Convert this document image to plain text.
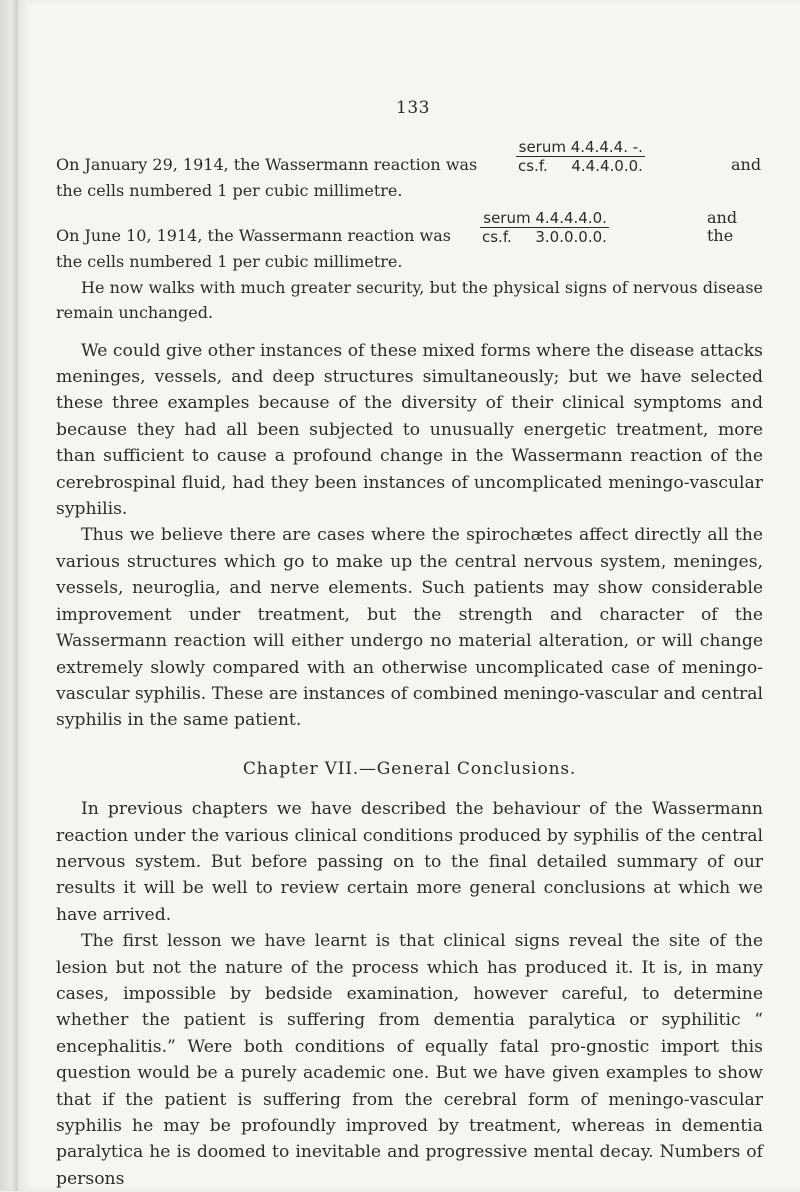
133
On January 29, 1914, the Wassermann reaction was
serum 4.4.4.4. -.
cs.f. 4.4.4.0.0.	and

the cells numbered 1 per cubic millimetre.

On June 10, 1914, the Wassermann reaction was
serum 4.4.4.4.0.
cs.f. 3.0.0.0.0.
and the

the cells numbered 1 per cubic millimetre.

He now walks with much greater security, but the physical signs of nervous disease remain unchanged.

We could give other instances of these mixed forms where the disease attacks meninges, vessels, and deep structures simultaneously; but we have selected these three examples because of the diversity of their clinical symptoms and because they had all been subjected to unusually energetic treatment, more than sufficient to cause a profound change in the Wassermann reaction of the cerebrospinal fluid, had they been instances of uncomplicated meningo-vascular syphilis.

Thus we believe there are cases where the spirochætes affect directly all the various structures which go to make up the central nervous system, meninges, vessels, neuroglia, and nerve elements. Such patients may show considerable improvement under treatment, but the strength and character of the Wassermann reaction will either undergo no material alteration, or will change extremely slowly compared with an otherwise uncomplicated case of meningo-vascular syphilis. These are instances of combined meningo-vascular and central syphilis in the same patient.

Chapter VII.—General Conclusions.

In previous chapters we have described the behaviour of the Wassermann reaction under the various clinical conditions produced by syphilis of the central nervous system. But before passing on to the final detailed summary of our results it will be well to review certain more general conclusions at which we have arrived.

The first lesson we have learnt is that clinical signs reveal the site of the lesion but not the nature of the process which has produced it. It is, in many cases, impossible by bedside examination, however careful, to determine whether the patient is suffering from dementia paralytica or syphilitic “ encephalitis.” Were both conditions of equally fatal pro-gnostic import this question would be a purely academic one. But we have given examples to show that if the patient is suffering from the cerebral form of meningo-vascular syphilis he may be profoundly improved by treatment, whereas in dementia paralytica he is doomed to inevitable and progressive mental decay. Numbers of persons
